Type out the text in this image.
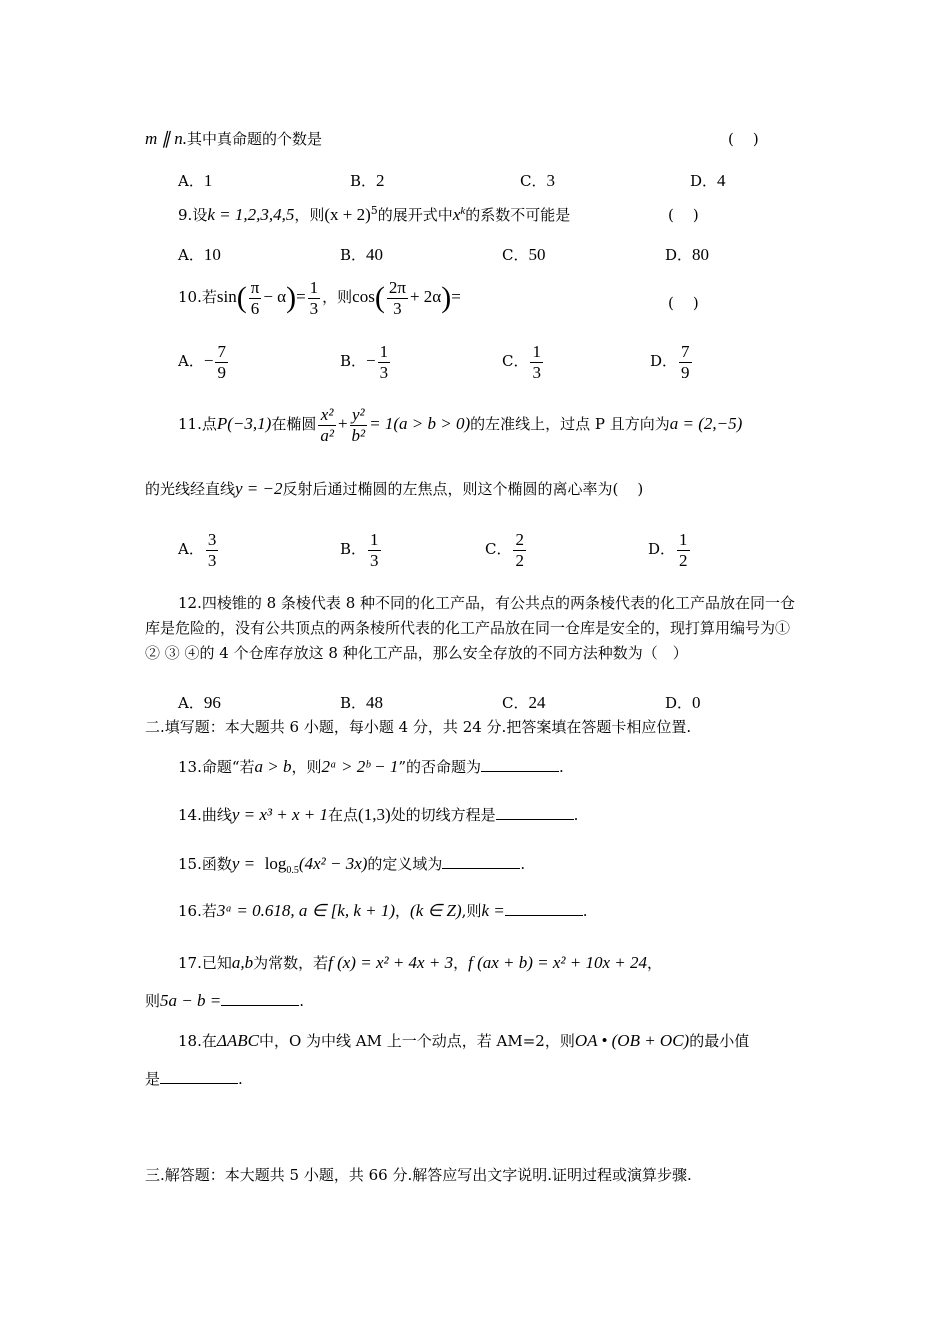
m ∥ n.其中真命题的个数是	(　)
A．1	B．2	C．3	D．4
9.设k = 1,2,3,4,5，则$(x + 2)^5$的展开式中$x^k$的系数不可能是	(　)
A．10	B．40	C．50	D．80
10.若$\sin( \frac{\pi}{6} - \alpha)= \frac{1}{3}$ ，则$\cos( \frac{2\pi}{3} + 2\alpha)=$	(　)
A．− $\frac{7}{9}$	B．− $\frac{1}{3}$	C． $\frac{1}{3}$	D． $\frac{7}{9}$
11.点P(−3,1)在椭圆 $\frac{\text{x²}}{\text{a²}} + \frac{\text{y²}}{\text{b²}} = 1(a > b > 0)$的左准线上，过点 P 且方向为a = (2,−5)
的光线经直线y = −2反射后通过椭圆的左焦点，则这个椭圆的离心率为(　)
A． $\frac{3}{3}$	B． $\frac{1}{3}$	C． $\frac{2}{2}$	D． $\frac{1}{2}$
12.四棱锥的 8 条棱代表 8 种不同的化工产品，有公共点的两条棱代表的化工产品放在同一仓库是危险的，没有公共顶点的两条棱所代表的化工产品放在同一仓库是安全的，现打算用编号为① ② ③ ④的 4 个仓库存放这 8 种化工产品，那么安全存放的不同方法种数为（　）
A．96	B．48	C．24	D．0
二.填写题：本大题共 6 小题，每小题 4 分，共 24 分.把答案填在答题卡相应位置.
13.命题“若a > b，则2ᵃ > 2ᵇ − 1”的否命题为	.
14.曲线y = x³ + x + 1在点(1,3)处的切线方程是	.
15.函数$y = \log_{0.5}(4x^2 - 3x)$的定义域为	.
16.若3ᵃ = 0.618, a ∈ [k, k + 1)，(k ∈ Z),则k =	.
17.已知a,b为常数，若f (x) = x² + 4x + 3，f (ax + b) = x² + 10x + 24，
则5a − b =	.
18.在ΔABC中，O 为中线 AM 上一个动点，若 AM=2，则OA • (OB + OC)的最小值
是	.
三.解答题：本大题共 5 小题，共 66 分.解答应写出文字说明.证明过程或演算步骤.
